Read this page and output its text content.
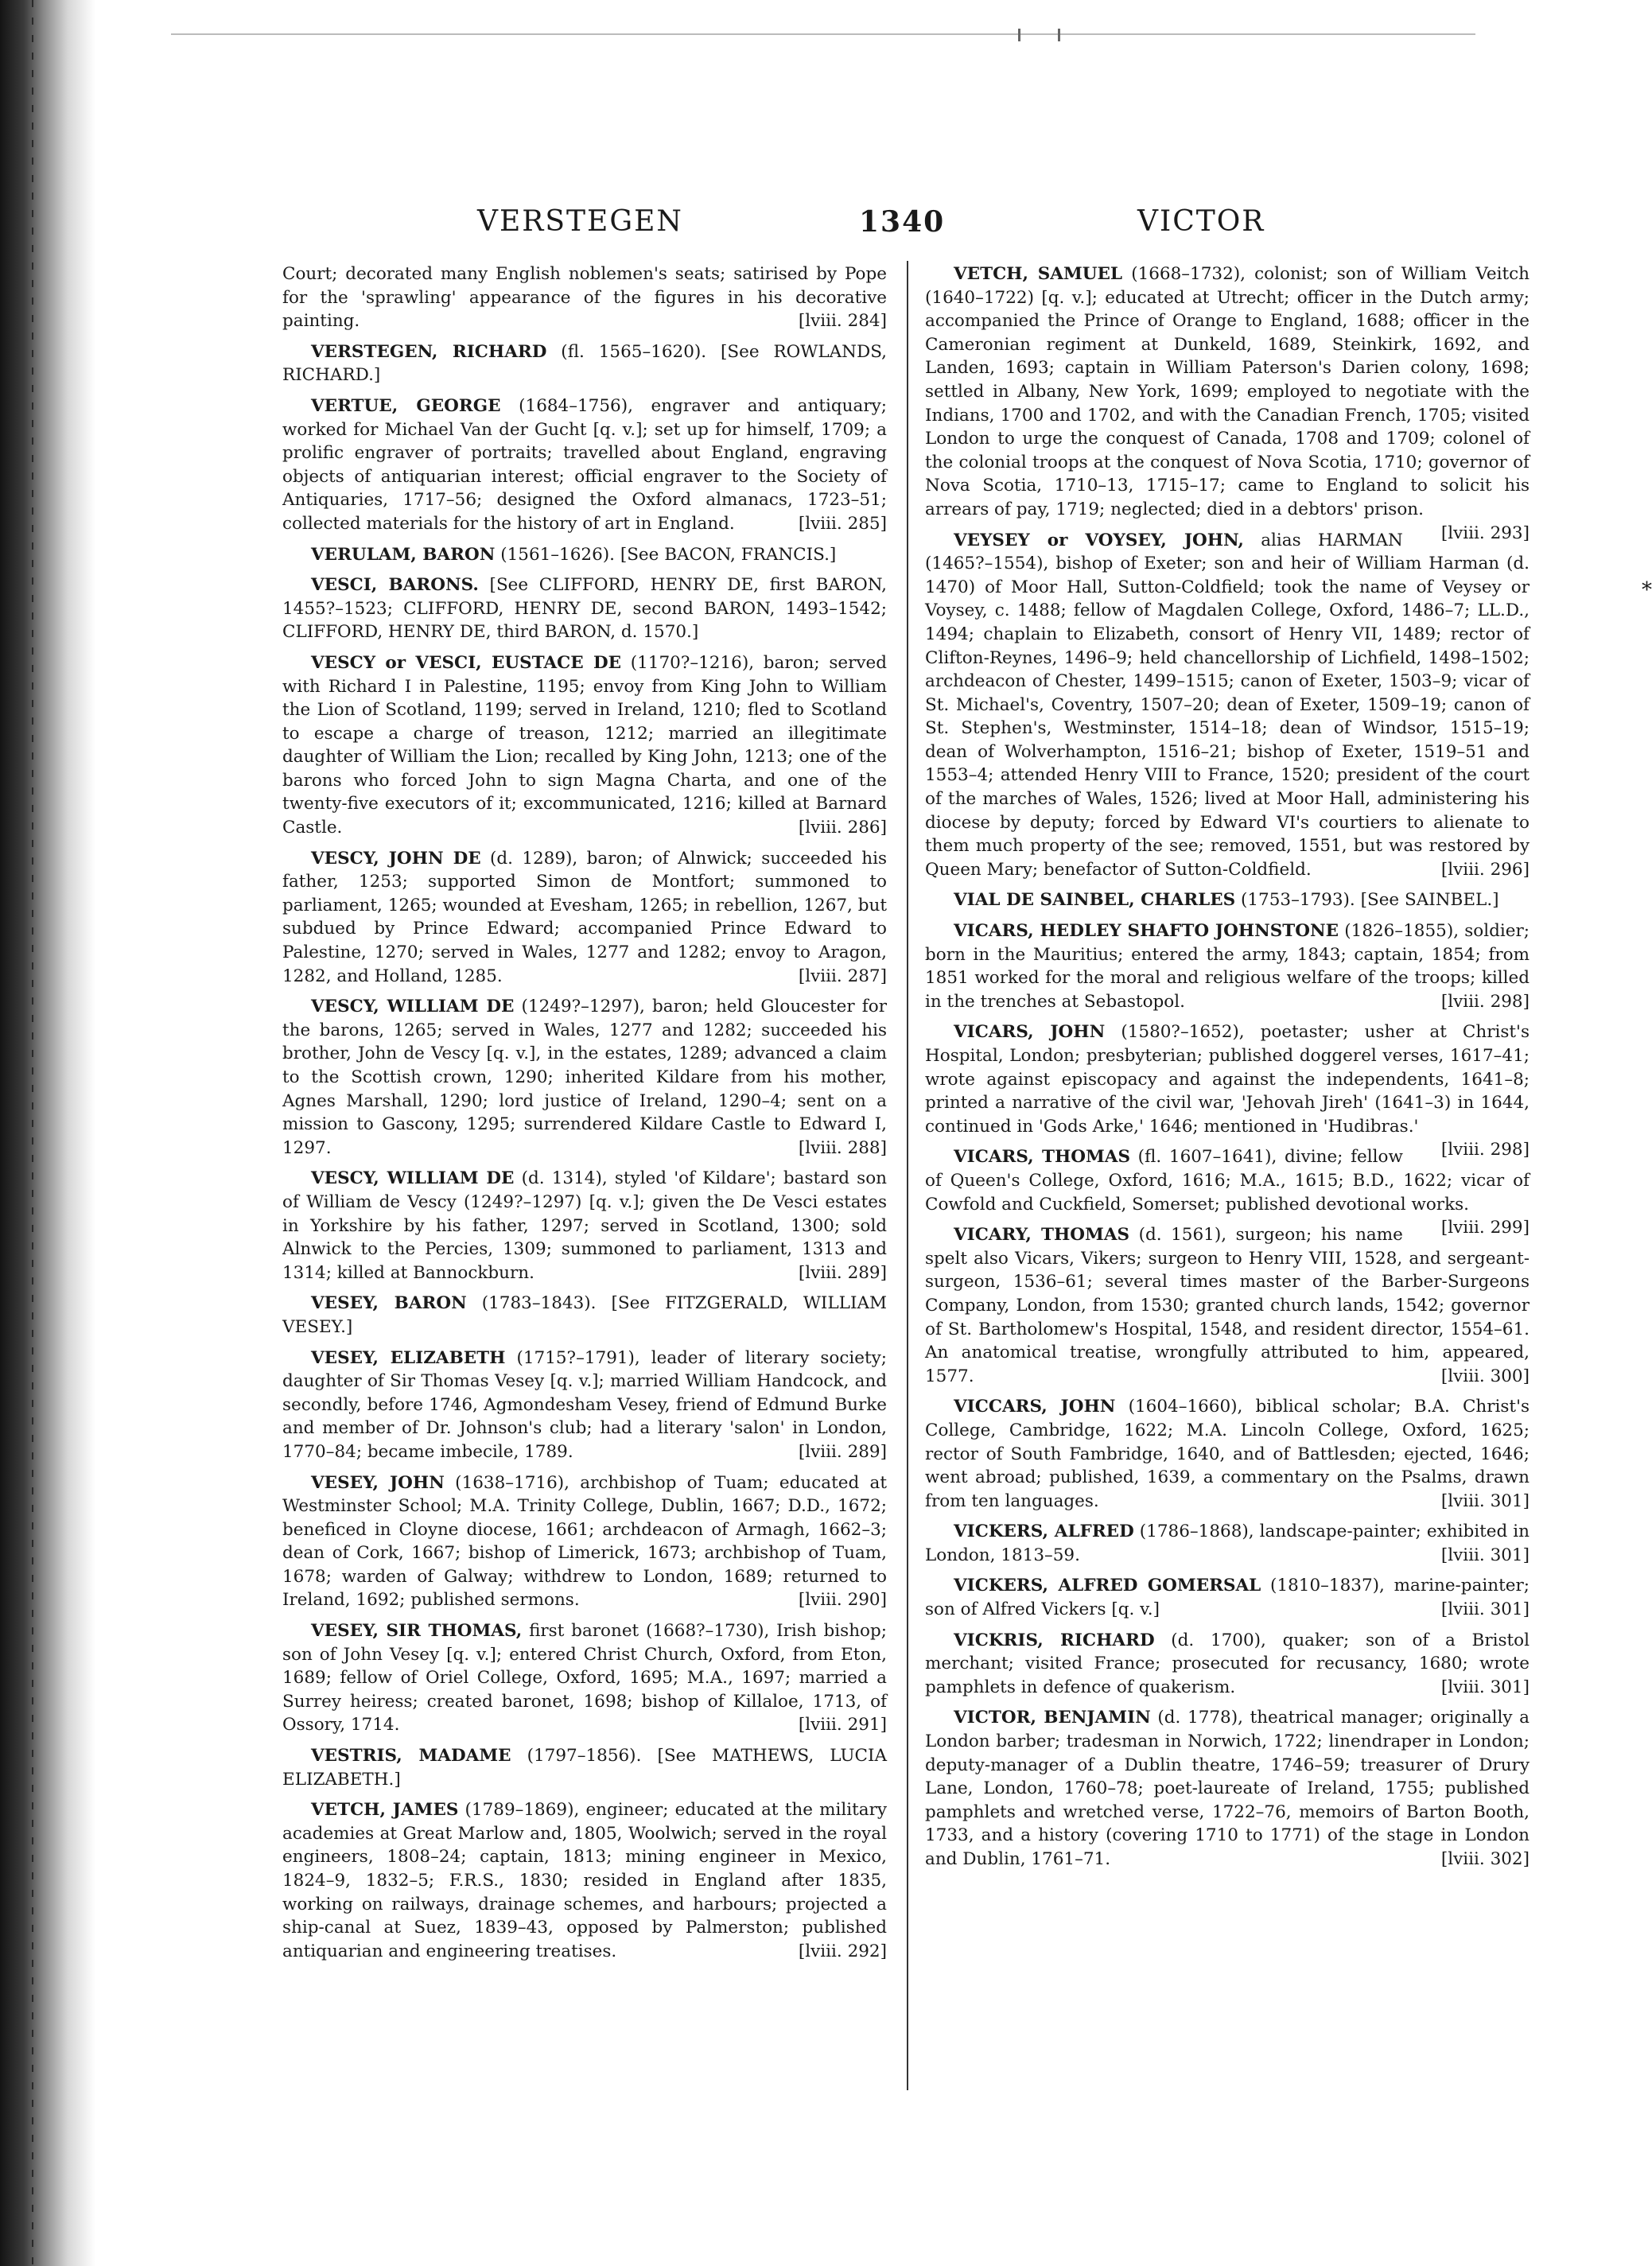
VERSTEGEN	1340	VICTOR

Court; decorated many English noblemen's seats; satirised by Pope for the 'sprawling' appearance of the figures in his decorative painting.	[lviii. 284]

VERSTEGEN, RICHARD (fl. 1565–1620). [See ROWLANDS, RICHARD.]

VERTUE, GEORGE (1684–1756), engraver and antiquary; worked for Michael Van der Gucht [q. v.]; set up for himself, 1709; a prolific engraver of portraits; travelled about England, engraving objects of antiquarian interest; official engraver to the Society of Antiquaries, 1717–56; designed the Oxford almanacs, 1723–51; collected materials for the history of art in England.	[lviii. 285]

VERULAM, BARON (1561–1626). [See BACON, FRANCIS.]

VESCI, BARONS. [See CLIFFORD, HENRY DE, first BARON, 1455?–1523; CLIFFORD, HENRY DE, second BARON, 1493–1542; CLIFFORD, HENRY DE, third BARON, d. 1570.]

VESCY or VESCI, EUSTACE DE (1170?–1216), baron; served with Richard I in Palestine, 1195; envoy from King John to William the Lion of Scotland, 1199; served in Ireland, 1210; fled to Scotland to escape a charge of treason, 1212; married an illegitimate daughter of William the Lion; recalled by King John, 1213; one of the barons who forced John to sign Magna Charta, and one of the twenty-five executors of it; excommunicated, 1216; killed at Barnard Castle.	[lviii. 286]

VESCY, JOHN DE (d. 1289), baron; of Alnwick; succeeded his father, 1253; supported Simon de Montfort; summoned to parliament, 1265; wounded at Evesham, 1265; in rebellion, 1267, but subdued by Prince Edward; accompanied Prince Edward to Palestine, 1270; served in Wales, 1277 and 1282; envoy to Aragon, 1282, and Holland, 1285.	[lviii. 287]

VESCY, WILLIAM DE (1249?–1297), baron; held Gloucester for the barons, 1265; served in Wales, 1277 and 1282; succeeded his brother, John de Vescy [q. v.], in the estates, 1289; advanced a claim to the Scottish crown, 1290; inherited Kildare from his mother, Agnes Marshall, 1290; lord justice of Ireland, 1290–4; sent on a mission to Gascony, 1295; surrendered Kildare Castle to Edward I, 1297.	[lviii. 288]

VESCY, WILLIAM DE (d. 1314), styled 'of Kildare'; bastard son of William de Vescy (1249?–1297) [q. v.]; given the De Vesci estates in Yorkshire by his father, 1297; served in Scotland, 1300; sold Alnwick to the Percies, 1309; summoned to parliament, 1313 and 1314; killed at Bannockburn.	[lviii. 289]

VESEY, BARON (1783–1843). [See FITZGERALD, WILLIAM VESEY.]

VESEY, ELIZABETH (1715?–1791), leader of literary society; daughter of Sir Thomas Vesey [q. v.]; married William Handcock, and secondly, before 1746, Agmondesham Vesey, friend of Edmund Burke and member of Dr. Johnson's club; had a literary 'salon' in London, 1770–84; became imbecile, 1789.	[lviii. 289]

VESEY, JOHN (1638–1716), archbishop of Tuam; educated at Westminster School; M.A. Trinity College, Dublin, 1667; D.D., 1672; beneficed in Cloyne diocese, 1661; archdeacon of Armagh, 1662–3; dean of Cork, 1667; bishop of Limerick, 1673; archbishop of Tuam, 1678; warden of Galway; withdrew to London, 1689; returned to Ireland, 1692; published sermons.	[lviii. 290]

VESEY, SIR THOMAS, first baronet (1668?–1730), Irish bishop; son of John Vesey [q. v.]; entered Christ Church, Oxford, from Eton, 1689; fellow of Oriel College, Oxford, 1695; M.A., 1697; married a Surrey heiress; created baronet, 1698; bishop of Killaloe, 1713, of Ossory, 1714.	[lviii. 291]

VESTRIS, MADAME (1797–1856). [See MATHEWS, LUCIA ELIZABETH.]

VETCH, JAMES (1789–1869), engineer; educated at the military academies at Great Marlow and, 1805, Woolwich; served in the royal engineers, 1808–24; captain, 1813; mining engineer in Mexico, 1824–9, 1832–5; F.R.S., 1830; resided in England after 1835, working on railways, drainage schemes, and harbours; projected a ship-canal at Suez, 1839–43, opposed by Palmerston; published antiquarian and engineering treatises.	[lviii. 292]

VETCH, SAMUEL (1668–1732), colonist; son of William Veitch (1640–1722) [q. v.]; educated at Utrecht; officer in the Dutch army; accompanied the Prince of Orange to England, 1688; officer in the Cameronian regiment at Dunkeld, 1689, Steinkirk, 1692, and Landen, 1693; captain in William Paterson's Darien colony, 1698; settled in Albany, New York, 1699; employed to negotiate with the Indians, 1700 and 1702, and with the Canadian French, 1705; visited London to urge the conquest of Canada, 1708 and 1709; colonel of the colonial troops at the conquest of Nova Scotia, 1710; governor of Nova Scotia, 1710–13, 1715–17; came to England to solicit his arrears of pay, 1719; neglected; died in a debtors' prison.
[lviii. 293]

VEYSEY or VOYSEY, JOHN, alias HARMAN (1465?–1554), bishop of Exeter; son and heir of William Harman (d. 1470) of Moor Hall, Sutton-Coldfield; took the name of Veysey or Voysey, c. 1488; fellow of Magdalen College, Oxford, 1486–7; LL.D., 1494; chaplain to Elizabeth, consort of Henry VII, 1489; rector of Clifton-Reynes, 1496–9; held chancellorship of Lichfield, 1498–1502; archdeacon of Chester, 1499–1515; canon of Exeter, 1503–9; vicar of St. Michael's, Coventry, 1507–20; dean of Exeter, 1509–19; canon of St. Stephen's, Westminster, 1514–18; dean of Windsor, 1515–19; dean of Wolverhampton, 1516–21; bishop of Exeter, 1519–51 and 1553–4; attended Henry VIII to France, 1520; president of the court of the marches of Wales, 1526; lived at Moor Hall, administering his diocese by deputy; forced by Edward VI's courtiers to alienate to them much property of the see; removed, 1551, but was restored by Queen Mary; benefactor of Sutton-Coldfield.	[lviii. 296]

VIAL DE SAINBEL, CHARLES (1753–1793). [See SAINBEL.]

VICARS, HEDLEY SHAFTO JOHNSTONE (1826–1855), soldier; born in the Mauritius; entered the army, 1843; captain, 1854; from 1851 worked for the moral and religious welfare of the troops; killed in the trenches at Sebastopol.	[lviii. 298]

VICARS, JOHN (1580?–1652), poetaster; usher at Christ's Hospital, London; presbyterian; published doggerel verses, 1617–41; wrote against episcopacy and against the independents, 1641–8; printed a narrative of the civil war, 'Jehovah Jireh' (1641–3) in 1644, continued in 'Gods Arke,' 1646; mentioned in 'Hudibras.'
[lviii. 298]

VICARS, THOMAS (fl. 1607–1641), divine; fellow of Queen's College, Oxford, 1616; M.A., 1615; B.D., 1622; vicar of Cowfold and Cuckfield, Somerset; published devotional works.
[lviii. 299]

VICARY, THOMAS (d. 1561), surgeon; his name spelt also Vicars, Vikers; surgeon to Henry VIII, 1528, and sergeant-surgeon, 1536–61; several times master of the Barber-Surgeons Company, London, from 1530; granted church lands, 1542; governor of St. Bartholomew's Hospital, 1548, and resident director, 1554–61. An anatomical treatise, wrongfully attributed to him, appeared, 1577.	[lviii. 300]

VICCARS, JOHN (1604–1660), biblical scholar; B.A. Christ's College, Cambridge, 1622; M.A. Lincoln College, Oxford, 1625; rector of South Fambridge, 1640, and of Battlesden; ejected, 1646; went abroad; published, 1639, a commentary on the Psalms, drawn from ten languages.	[lviii. 301]

VICKERS, ALFRED (1786–1868), landscape-painter; exhibited in London, 1813–59.	[lviii. 301]

VICKERS, ALFRED GOMERSAL (1810–1837), marine-painter; son of Alfred Vickers [q. v.]	[lviii. 301]

VICKRIS, RICHARD (d. 1700), quaker; son of a Bristol merchant; visited France; prosecuted for recusancy, 1680; wrote pamphlets in defence of quakerism.	[lviii. 301]

VICTOR, BENJAMIN (d. 1778), theatrical manager; originally a London barber; tradesman in Norwich, 1722; linendraper in London; deputy-manager of a Dublin theatre, 1746–59; treasurer of Drury Lane, London, 1760–78; poet-laureate of Ireland, 1755; published pamphlets and wretched verse, 1722–76, memoirs of Barton Booth, 1733, and a history (covering 1710 to 1771) of the stage in London and Dublin, 1761–71.	[lviii. 302]

*
